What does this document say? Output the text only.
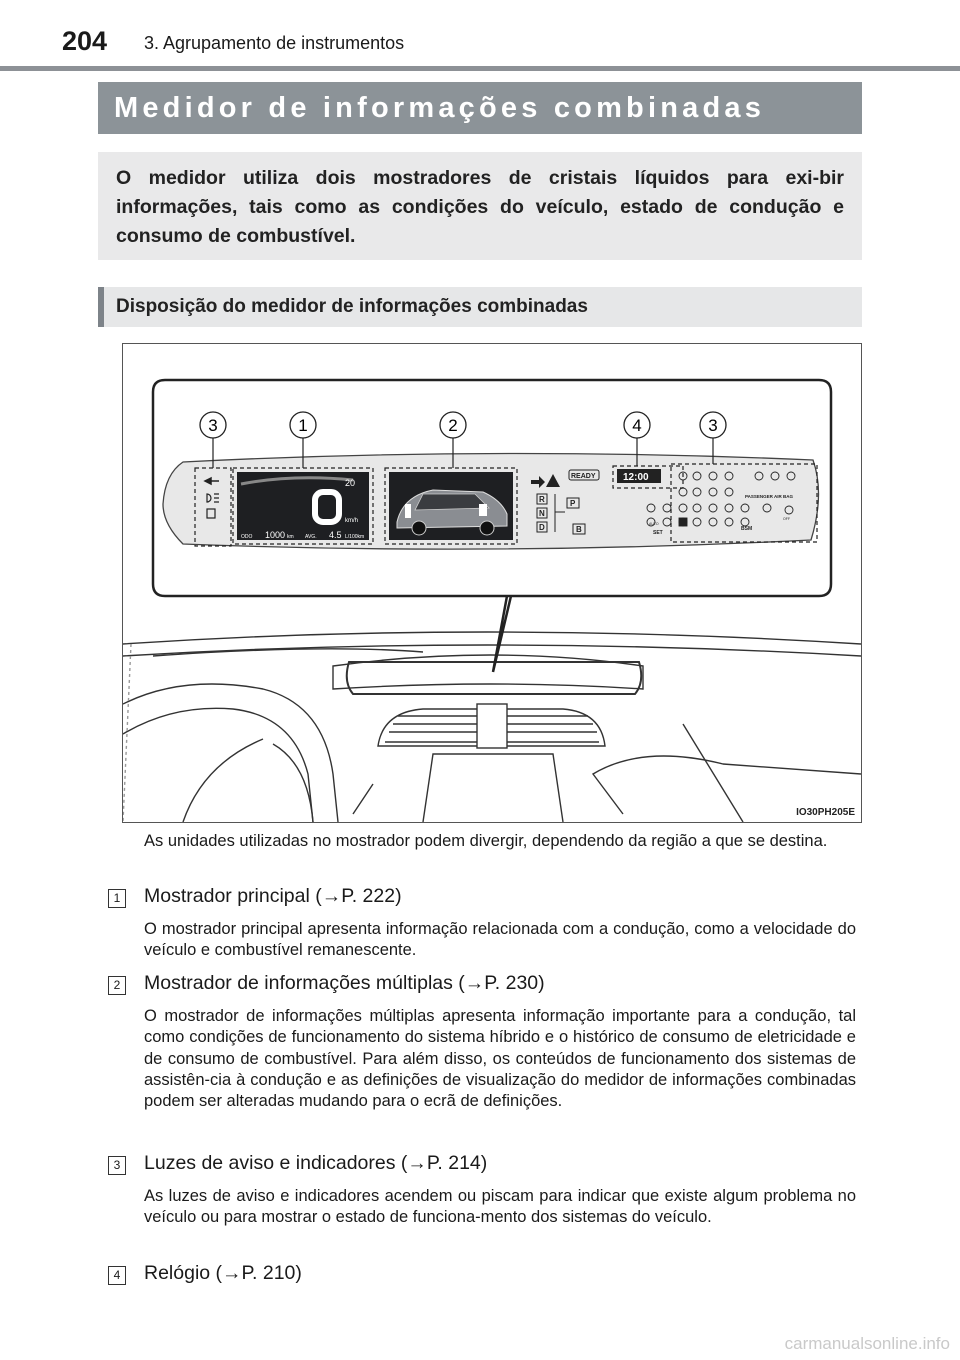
204 3. Agrupamento de instrumentos
Medidor de informações combinadas
O medidor utiliza dois mostradores de cristais líquidos para exi-bir informações, tais como as condições do veículo, estado de condução e consumo de combustível.
Disposição do medidor de informações combinadas
20
km/h
ODO 1000 km AVG. 4.5 L/100km
READY	12:00
R
N
D
P
B
PASSENGER AIR BAG
BSM
SET
AUTO
OFF
3	1	2	4	3
IO30PH205E
As unidades utilizadas no mostrador podem divergir, dependendo da região a que se destina.
1 Mostrador principal (→P. 222)
O mostrador principal apresenta informação relacionada com a condução, como a velocidade do veículo e combustível remanescente.
2 Mostrador de informações múltiplas (→P. 230)
O mostrador de informações múltiplas apresenta informação importante para a condução, tal como condições de funcionamento do sistema híbrido e o histórico de consumo de eletricidade e de consumo de combustível. Para além disso, os conteúdos de funcionamento dos sistemas de assistên-cia à condução e as definições de visualização do medidor de informações combinadas podem ser alteradas mudando para o ecrã de definições.
3 Luzes de aviso e indicadores (→P. 214)
As luzes de aviso e indicadores acendem ou piscam para indicar que existe algum problema no veículo ou para mostrar o estado de funciona-mento dos sistemas do veículo.
4 Relógio (→P. 210)
carmanualsonline.info
